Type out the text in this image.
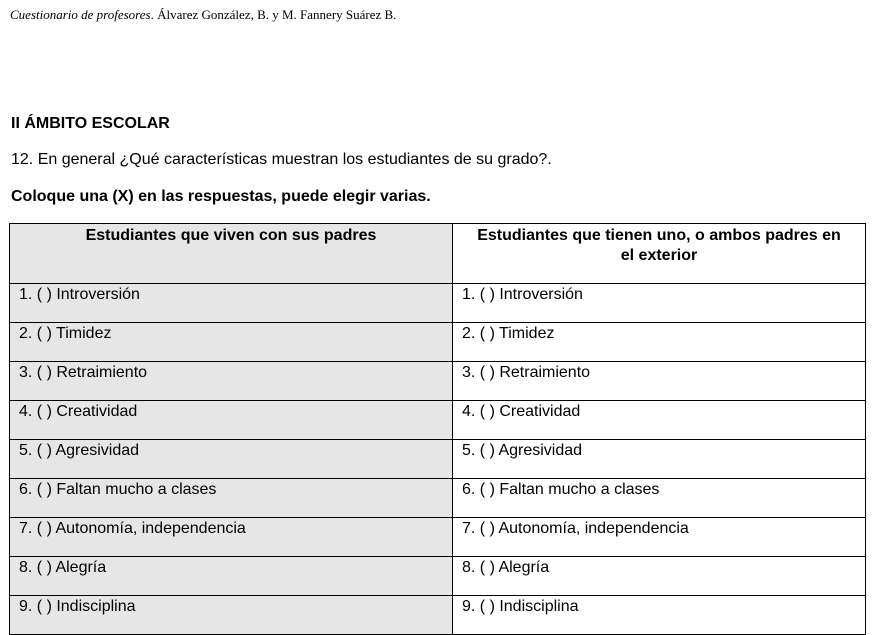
Cuestionario de profesores. Álvarez González, B. y M. Fannery Suárez B.
II ÁMBITO ESCOLAR
12. En general ¿Qué características muestran los estudiantes de su grado?.
Coloque una (X) en las respuestas, puede elegir varias.
Estudiantes que viven con sus padres	Estudiantes que tienen uno, o ambos padres en el exterior

1. ( ) Introversión	1. ( ) Introversión
2. ( ) Timidez	2. ( ) Timidez
3. ( ) Retraimiento	3. ( ) Retraimiento
4. ( ) Creatividad	4. ( ) Creatividad
5. ( ) Agresividad	5. ( ) Agresividad
6. ( ) Faltan mucho a clases	6. ( ) Faltan mucho a clases
7. ( ) Autonomía, independencia	7. ( ) Autonomía, independencia
8. ( ) Alegría	8. ( ) Alegría
9. ( ) Indisciplina	9. ( ) Indisciplina
